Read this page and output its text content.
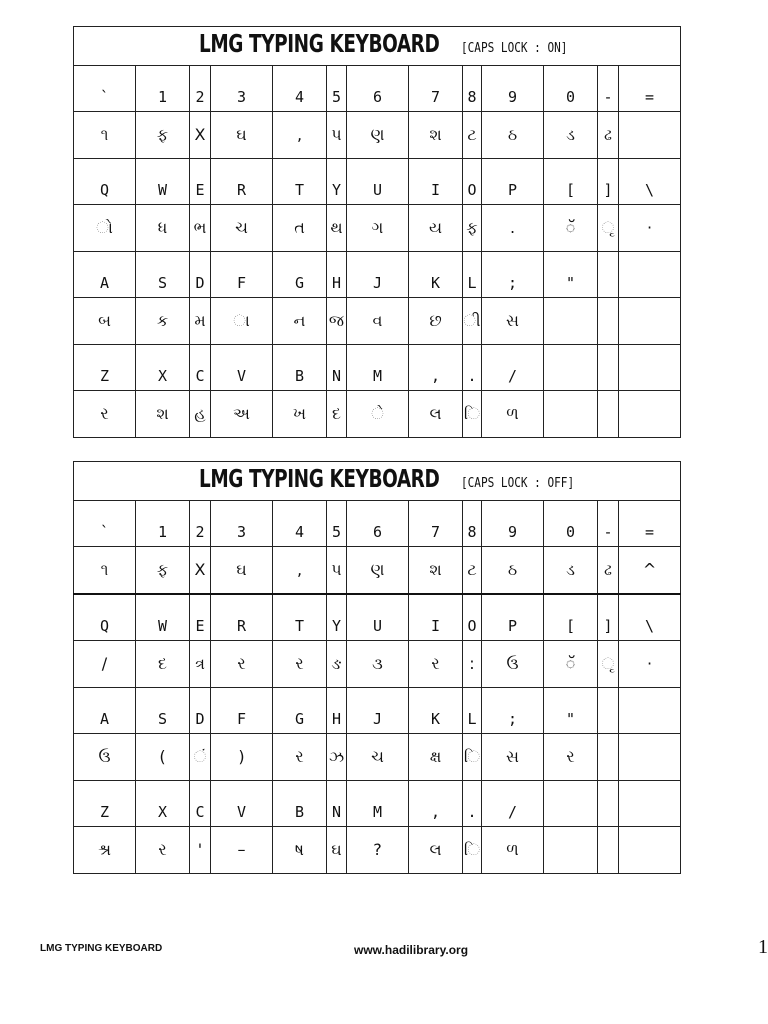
LMG TYPING KEYBOARD [CAPS LOCK : ON]												

`	1	2	3	4	5	6	7	8	9	0	-	=
૧	ફ	X	ઘ	,	પ	ણ	શ	ટ	ઠ	ડ	ઢ	
Q	W	E	R	T	Y	U	I	O	P	[	]	\
ો	ધ	ભ	ચ	ત	થ	ગ	ય	ફ	.	ॅ	ૃ	·
A	S	D	F	G	H	J	K	L	;	"		
બ	ક	મ	ા	ન	જ	વ	છ	ી	સ			
Z	X	C	V	B	N	M	,	.	/			
ર	શ	હ	અ	ખ	દ	ે	લ	િ	ળ			
LMG TYPING KEYBOARD [CAPS LOCK : OFF]												

`	1	2	3	4	5	6	7	8	9	0	-	=
૧	ફ	X	ઘ	,	પ	ણ	શ	ટ	ઠ	ડ	ઢ	^
Q	W	E	R	T	Y	U	I	O	P	[	]	\
/	દ	ત્ર	ર	ર	ઙ	૩	ર	:	ઉ	ॅ	ૃ	·
A	S	D	F	G	H	J	K	L	;	"		
ઉ	(	ં	)	ર	ઝ	ચ	ક્ષ	િ	સ	ર		
Z	X	C	V	B	N	M	,	.	/			
શ્ર	ર	'	–	ષ	ઘ	?	લ	િ	ળ			
LMG TYPING KEYBOARD	www.hadilibrary.org	1
